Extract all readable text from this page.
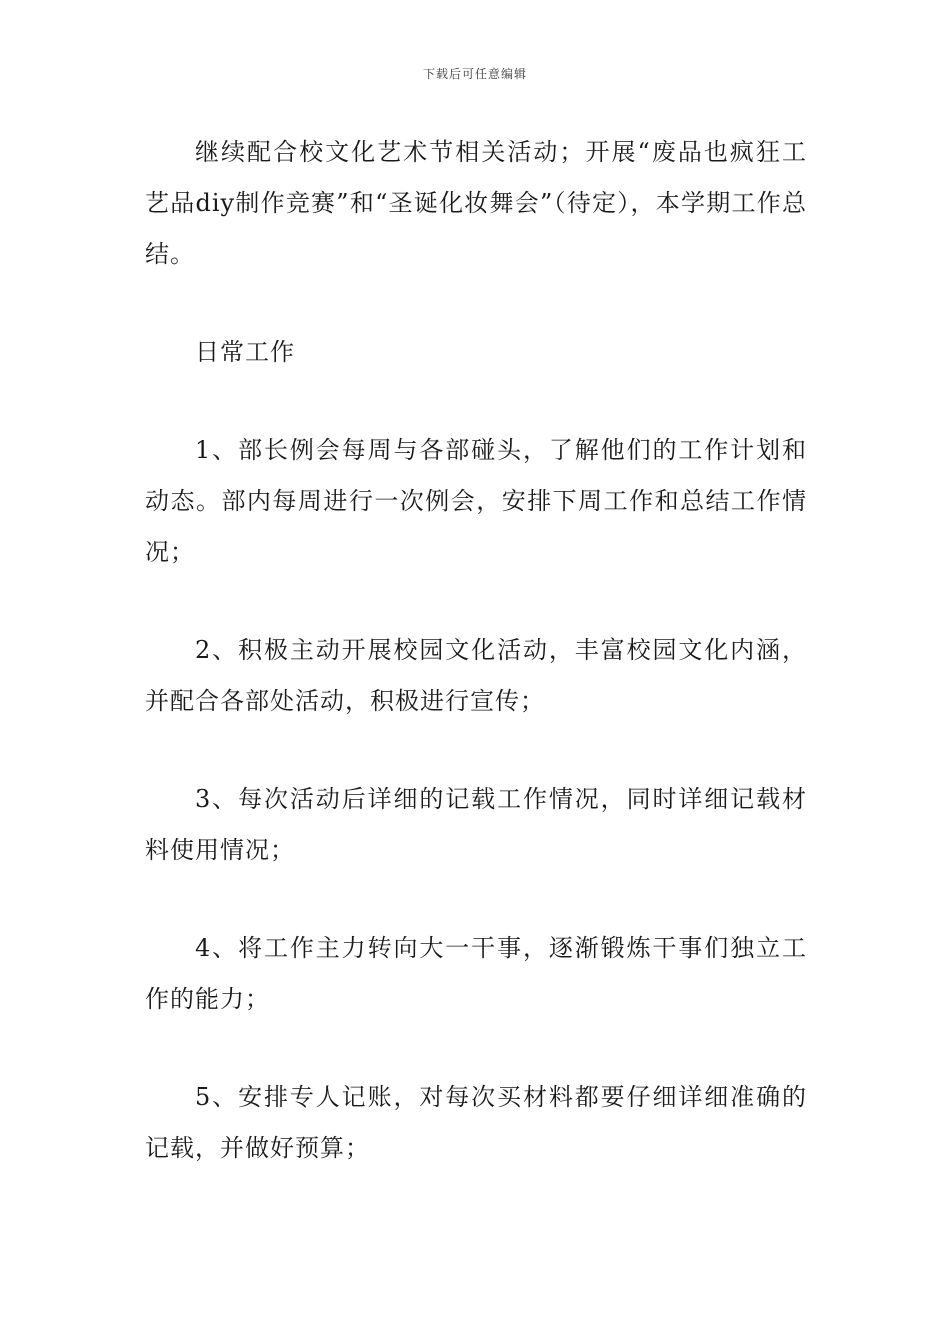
下载后可任意编辑

继续配合校文化艺术节相关活动；开展“废品也疯狂工艺品diy制作竞赛”和“圣诞化妆舞会”（待定），本学期工作总结。

日常工作

1、部长例会每周与各部碰头，了解他们的工作计划和动态。部内每周进行一次例会，安排下周工作和总结工作情况；

2、积极主动开展校园文化活动，丰富校园文化内涵，并配合各部处活动，积极进行宣传；

3、每次活动后详细的记载工作情况，同时详细记载材料使用情况；

4、将工作主力转向大一干事，逐渐锻炼干事们独立工作的能力；

5、安排专人记账，对每次买材料都要仔细详细准确的记载，并做好预算；
